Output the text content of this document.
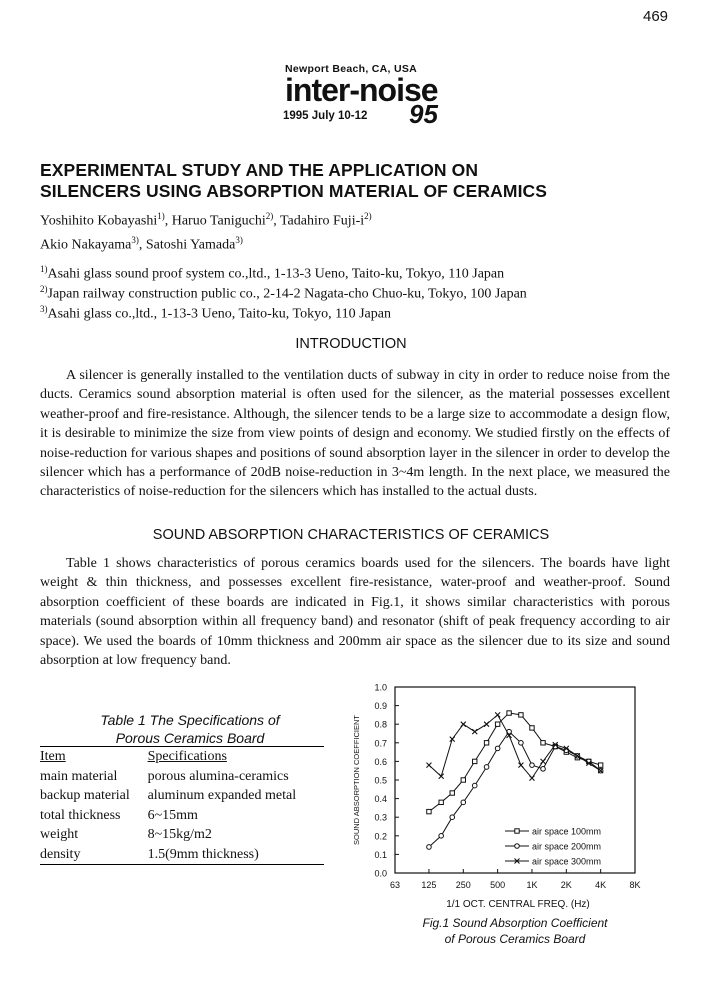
469
Newport Beach, CA, USA
inter-noise
1995 July 10-12 95
EXPERIMENTAL STUDY AND THE APPLICATION ON
SILENCERS USING ABSORPTION MATERIAL OF CERAMICS
Yoshihito Kobayashi$^{1)}$, Haruo Taniguchi$^{2)}$, Tadahiro Fuji-$i^{2)}$
Akio Nakayama$^{3)}$, Satoshi Yamada$^{3)}$
$^{1)}$Asahi glass sound proof system co.,ltd., 1-13-3 Ueno, Taito-ku, Tokyo, 110 Japan
$^{2)}$Japan railway construction public co., 2-14-2 Nagata-cho Chuo-ku, Tokyo, 100 Japan
$^{3)}$Asahi glass co.,ltd., 1-13-3 Ueno, Taito-ku, Tokyo, 110 Japan
INTRODUCTION
A silencer is generally installed to the ventilation ducts of subway in city in order to reduce noise from the ducts. Ceramics sound absorption material is often used for the silencer, as the material possesses excellent weather-proof and fire-resistance. Although, the silencer tends to be a large size to accommodate a design flow, it is desirable to minimize the size from view points of design and economy. We studied firstly on the effects of noise-reduction for various shapes and positions of sound absorption layer in the silencer in order to develop the silencer which has a performance of 20dB noise-reduction in 3~4m length. In the next place, we measured the characteristics of noise-reduction for the silencers which has installed to the actual dusts.
SOUND ABSORPTION CHARACTERISTICS OF CERAMICS
Table 1 shows characteristics of porous ceramics boards used for the silencers. The boards have light weight & thin thickness, and possesses excellent fire-resistance, water-proof and weather-proof. Sound absorption coefficient of these boards are indicated in Fig.1, it shows similar characteristics with porous materials (sound absorption within all frequency band) and resonator (shift of peak frequency according to air space). We used the boards of 10mm thickness and 200mm air space as the silencer due to its size and sound absorption at low frequency band.
Table 1 The Specifications of
Porous Ceramics Board
Item	Specifications
main material	porous alumina-ceramics
backup material	aluminum expanded metal
total thickness	6~15mm
weight	8~15kg/m2
density	1.5(9mm thickness)
0.0
0.1
0.2
0.3
0.4
0.5
0.6
0.7
0.8
0.9
1.0
63 125 250 500 1K	2K	4K	8K
SOUND ABSORPTION COEFFICIENT	air space 100mm
air space 200mm
air space 300mm
1/1 OCT. CENTRAL FREQ. (Hz)
Fig.1 Sound Absorption Coefficient
of Porous Ceramics Board
